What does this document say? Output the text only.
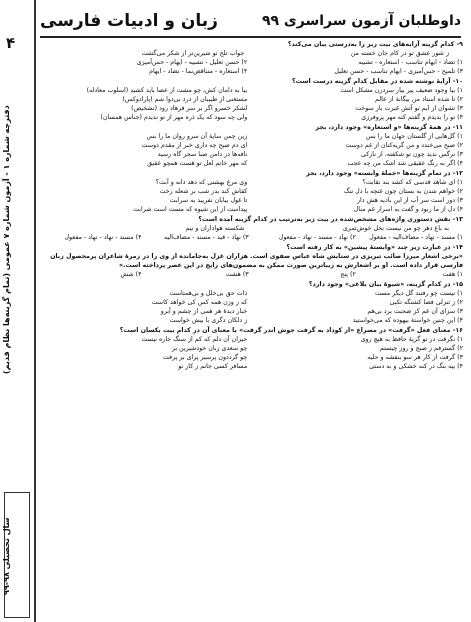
۴
دفترچه شماره ۱ - آزمون شماره ۷ عمومی (تمام گزینه‌ها نظام قدیم)
سال تحصیلی ۹۸-۹۹
زبان و ادبیات فارسی	داوطلبان آزمون سراسری ۹۹
۹- کدام گزینه آرایه‌های بیت زیر را به‌درستی بیان می‌کند؟
ز شور عشق تو در کام جان خسته من
جواب تلخ تو شیرین‌تر از شکر می‌گشت
۱) تضاد - ایهام تناسب - استعاره - تشبیه
۲) حسن تعلیل - تشبیه - ایهام - حس‌آمیزی
۳) تلمیح - حس‌آمیزی - ایهام تناسب - حسن تعلیل
۴) استعاره - متناقض‌نما - تضاد - ایهام
۱۰- آرایهٔ نوشته شده در مقابل کدام گزینه درست است؟
۱) بیا وجود ضعیف پیر بیار سردرن مشکل است
بیا به دامان کش، چو مشت از عصا باید کشید (اسلوب معادله)
۲) تا شده استاد من بیگانهٔ از عالم
مستغنی از طبیبان از درد بی‌دوا شم (پارادوکس)
۳) تشوان از ایم تو آتش غیرت باز سوخت
لشکر خسرو اگر بر سر فرهاد رود (تشخیص)
۴) تو را بدیدم و گفتم کنه مهر پروفرزی
ولی چه سود که یک ذره مهر از تو ندیدم (جناس همسان)
۱۱- در همهٔ گزینه‌ها «و استعاره» وجود دارد، بجز
۱) گل‌هایی از گلستان جهان ما را بس
زین چمن سایهٔ آن سرو روان ما را بس
۲) صبح می‌خندد و من گریه‌کنان از غم دوست
ای دم صبح چه داری خبر از مقدم دوست
۳) نرگس ندید چون تو شکفته، از نازکی
نافه‌ها در دامن صبا سحر گاه رسید
۴) اگر به رنگ عقیقی شد اشک من چه عجب
که مهر خاتم لعل تو هست همچو عقیق
۱۲- در تمام گزینه‌ها «جملهٔ وابسته» وجود دارد، بجز
۱) ای شاهد قدسی که کشد بند نقابت؟
وی مرغ بهشتی که دهد دانه و آبت؟
۲) خواهم شدن به بستان چون غنچه با دل تنگ
کفاش کند بدر شب بر شعله رخت
۳) دور است سر آب از این بادیه هش دار
تا غول بیابان نفریبد به سرابت
۴) دل از ما ربود و گفت به اسرار غم منال
پیداست از این شیوه که مست است شرابت
۱۳- نقش دستوری واژه‌های مشخص‌شده در بیت زیر به‌ترتیب در کدام گزینه آمده است؟
به باغ دهر چو من نیست نخل خوش‌ثمری
شکسته هواداران و نیم
۱) مسند - نهاد - مضاف‌الیه - مفعول
۲) نهاد - مسند - نهاد - مفعول
۳) نهاد - قید - مسند - مضاف‌الیه
۴) مسند - نهاد - نهاد - مفعول
۱۴- در عبارت زیر چند «وابستهٔ پیشین» به کار رفته است؟
«برخی اشعار میرزا صائب تبریزی در ستایش شاه عباس صفوی است. هزاران غزل به‌جامانده از وی را در زمرهٔ شاعران پرمحصول زبان فارسی قرار داده است. او بر اشعارش به زیباترین صورت ممکن به مضمون‌های رایج در این عصر پرداخته است.»
۱) هفت
۲) پنج
۳) هشت
۴) شش
۱۵- در کدام گزینه، «شیوهٔ بیان بلاغی» وجود دارد؟
۱) نیست چو رفتند گل دیگر مست
ذات حق بی‌خلل و بی‌همتاست
۲) ز تنزلی فضا کشتگه تکبی
که ز وزن همه کس کی خواهد کاست
۳) سزای آن غم کز صحبت برد بی‌هم
خبار دیدهٔ هر همی از چشم و آبرو
۴) این چنین خواستهٔ بیهوده که می‌خواستید
ز دلکان دگری با بیش خواست
۱۶- معنای فعل «گرفت» در مصراع «از کوداد به گرفت جوش اندر گرفت» با معنای آن در کدام بیت یکسان است؟
۱) نگرفت در تو گریهٔ حافظ به هیچ روی
حیران آن دلم که کم از سنگ خاره نیست
۲) گسترفم ز صبح و روز چیستم
چو سعدی زبان خودشیرین بر
۳) گرفت از کار هر سو بنفشه و حلیه
چو گرددون پرسیر پرای بر پرفت
۴) بیه بنگ در کنه خشکی و به دستی
مسافر کسی جانم ز کار تو
